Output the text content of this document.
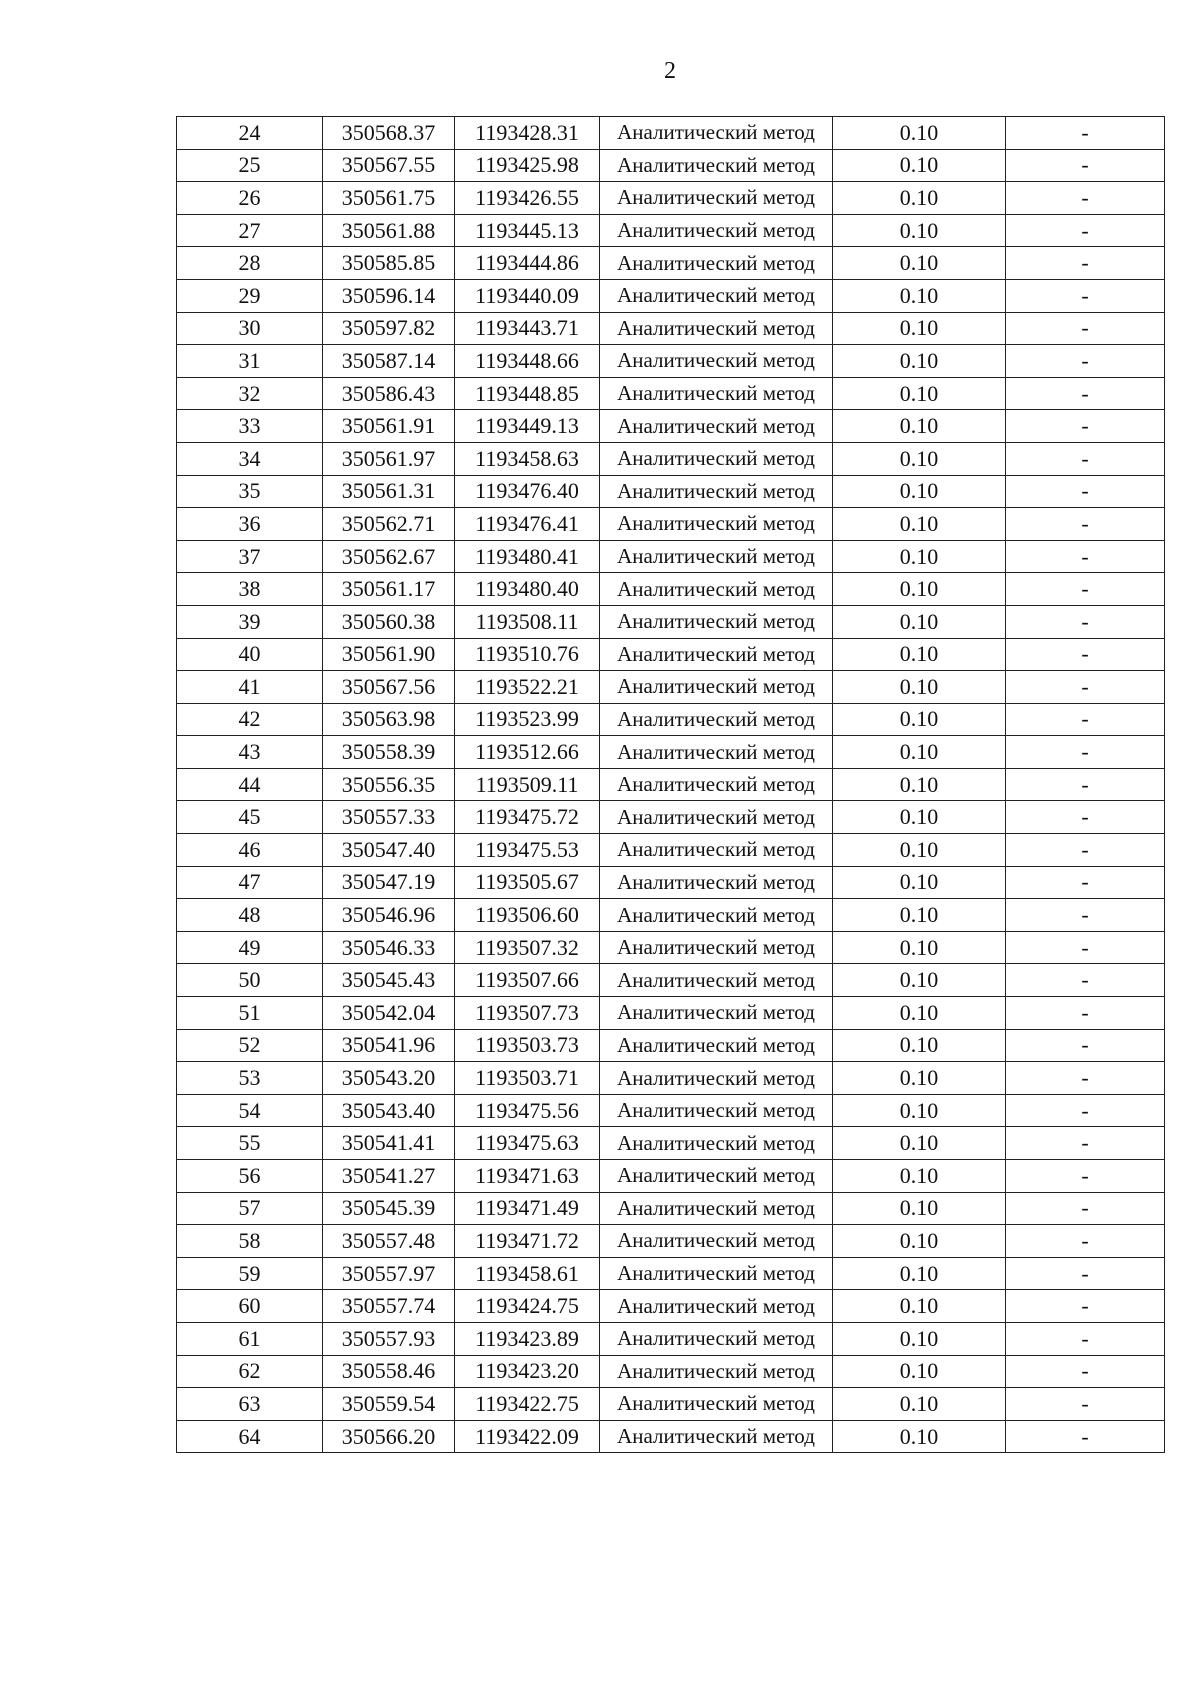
2
24	350568.37	1193428.31	Аналитический метод	0.10	-
25	350567.55	1193425.98	Аналитический метод	0.10	-
26	350561.75	1193426.55	Аналитический метод	0.10	-
27	350561.88	1193445.13	Аналитический метод	0.10	-
28	350585.85	1193444.86	Аналитический метод	0.10	-
29	350596.14	1193440.09	Аналитический метод	0.10	-
30	350597.82	1193443.71	Аналитический метод	0.10	-
31	350587.14	1193448.66	Аналитический метод	0.10	-
32	350586.43	1193448.85	Аналитический метод	0.10	-
33	350561.91	1193449.13	Аналитический метод	0.10	-
34	350561.97	1193458.63	Аналитический метод	0.10	-
35	350561.31	1193476.40	Аналитический метод	0.10	-
36	350562.71	1193476.41	Аналитический метод	0.10	-
37	350562.67	1193480.41	Аналитический метод	0.10	-
38	350561.17	1193480.40	Аналитический метод	0.10	-
39	350560.38	1193508.11	Аналитический метод	0.10	-
40	350561.90	1193510.76	Аналитический метод	0.10	-
41	350567.56	1193522.21	Аналитический метод	0.10	-
42	350563.98	1193523.99	Аналитический метод	0.10	-
43	350558.39	1193512.66	Аналитический метод	0.10	-
44	350556.35	1193509.11	Аналитический метод	0.10	-
45	350557.33	1193475.72	Аналитический метод	0.10	-
46	350547.40	1193475.53	Аналитический метод	0.10	-
47	350547.19	1193505.67	Аналитический метод	0.10	-
48	350546.96	1193506.60	Аналитический метод	0.10	-
49	350546.33	1193507.32	Аналитический метод	0.10	-
50	350545.43	1193507.66	Аналитический метод	0.10	-
51	350542.04	1193507.73	Аналитический метод	0.10	-
52	350541.96	1193503.73	Аналитический метод	0.10	-
53	350543.20	1193503.71	Аналитический метод	0.10	-
54	350543.40	1193475.56	Аналитический метод	0.10	-
55	350541.41	1193475.63	Аналитический метод	0.10	-
56	350541.27	1193471.63	Аналитический метод	0.10	-
57	350545.39	1193471.49	Аналитический метод	0.10	-
58	350557.48	1193471.72	Аналитический метод	0.10	-
59	350557.97	1193458.61	Аналитический метод	0.10	-
60	350557.74	1193424.75	Аналитический метод	0.10	-
61	350557.93	1193423.89	Аналитический метод	0.10	-
62	350558.46	1193423.20	Аналитический метод	0.10	-
63	350559.54	1193422.75	Аналитический метод	0.10	-
64	350566.20	1193422.09	Аналитический метод	0.10	-
